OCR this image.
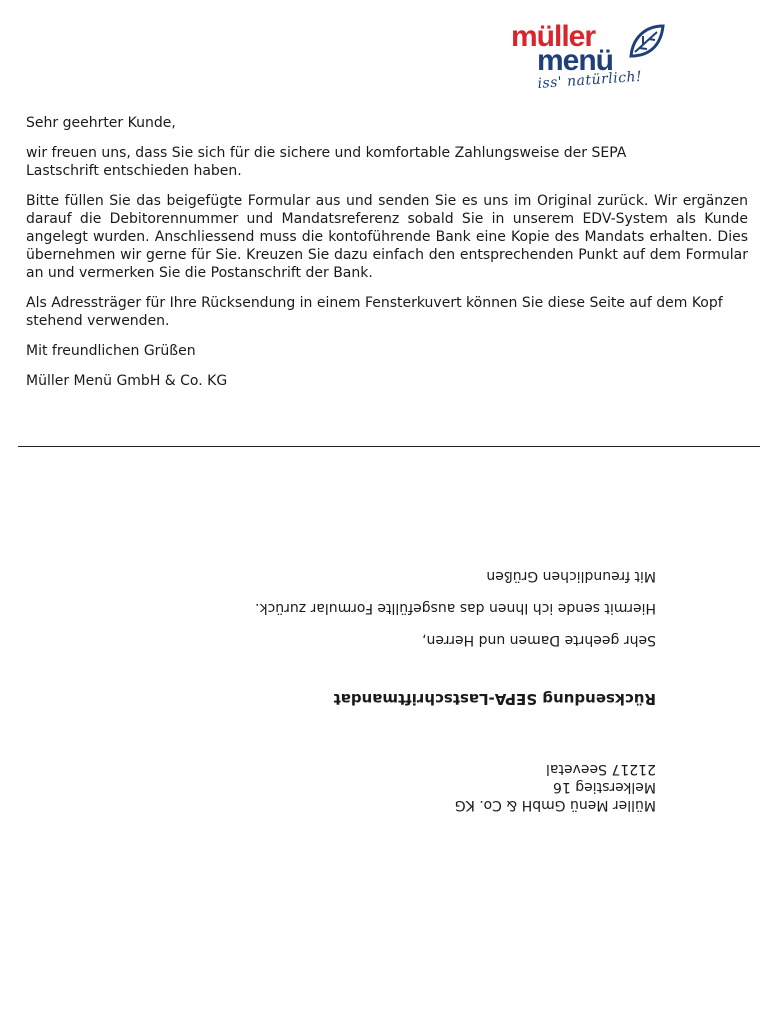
müller
menü
iss' natürlich!

Sehr geehrter Kunde,

wir freuen uns, dass Sie sich für die sichere und komfortable Zahlungsweise der SEPA Lastschrift entschieden haben.

Bitte füllen Sie das beigefügte Formular aus und senden Sie es uns im Original zurück. Wir ergänzen darauf die Debitorennummer und Mandatsreferenz sobald Sie in unserem EDV-System als Kunde angelegt wurden. Anschliessend muss die kontoführende Bank eine Kopie des Mandats erhalten. Dies übernehmen wir gerne für Sie. Kreuzen Sie dazu einfach den entsprechenden Punkt auf dem Formular an und vermerken Sie die Postanschrift der Bank.

Als Adressträger für Ihre Rücksendung in einem Fensterkuvert können Sie diese Seite auf dem Kopf stehend verwenden.

Mit freundlichen Grüßen

Müller Menü GmbH & Co. KG

Müller Menü GmbH & Co. KG
Melkerstieg 16
21217 Seevetal
Rücksendung SEPA-Lastschriftmandat
Sehr geehrte Damen und Herren,
Hiermit sende ich Ihnen das ausgefüllte Formular zurück.
Mit freundlichen Grüßen
